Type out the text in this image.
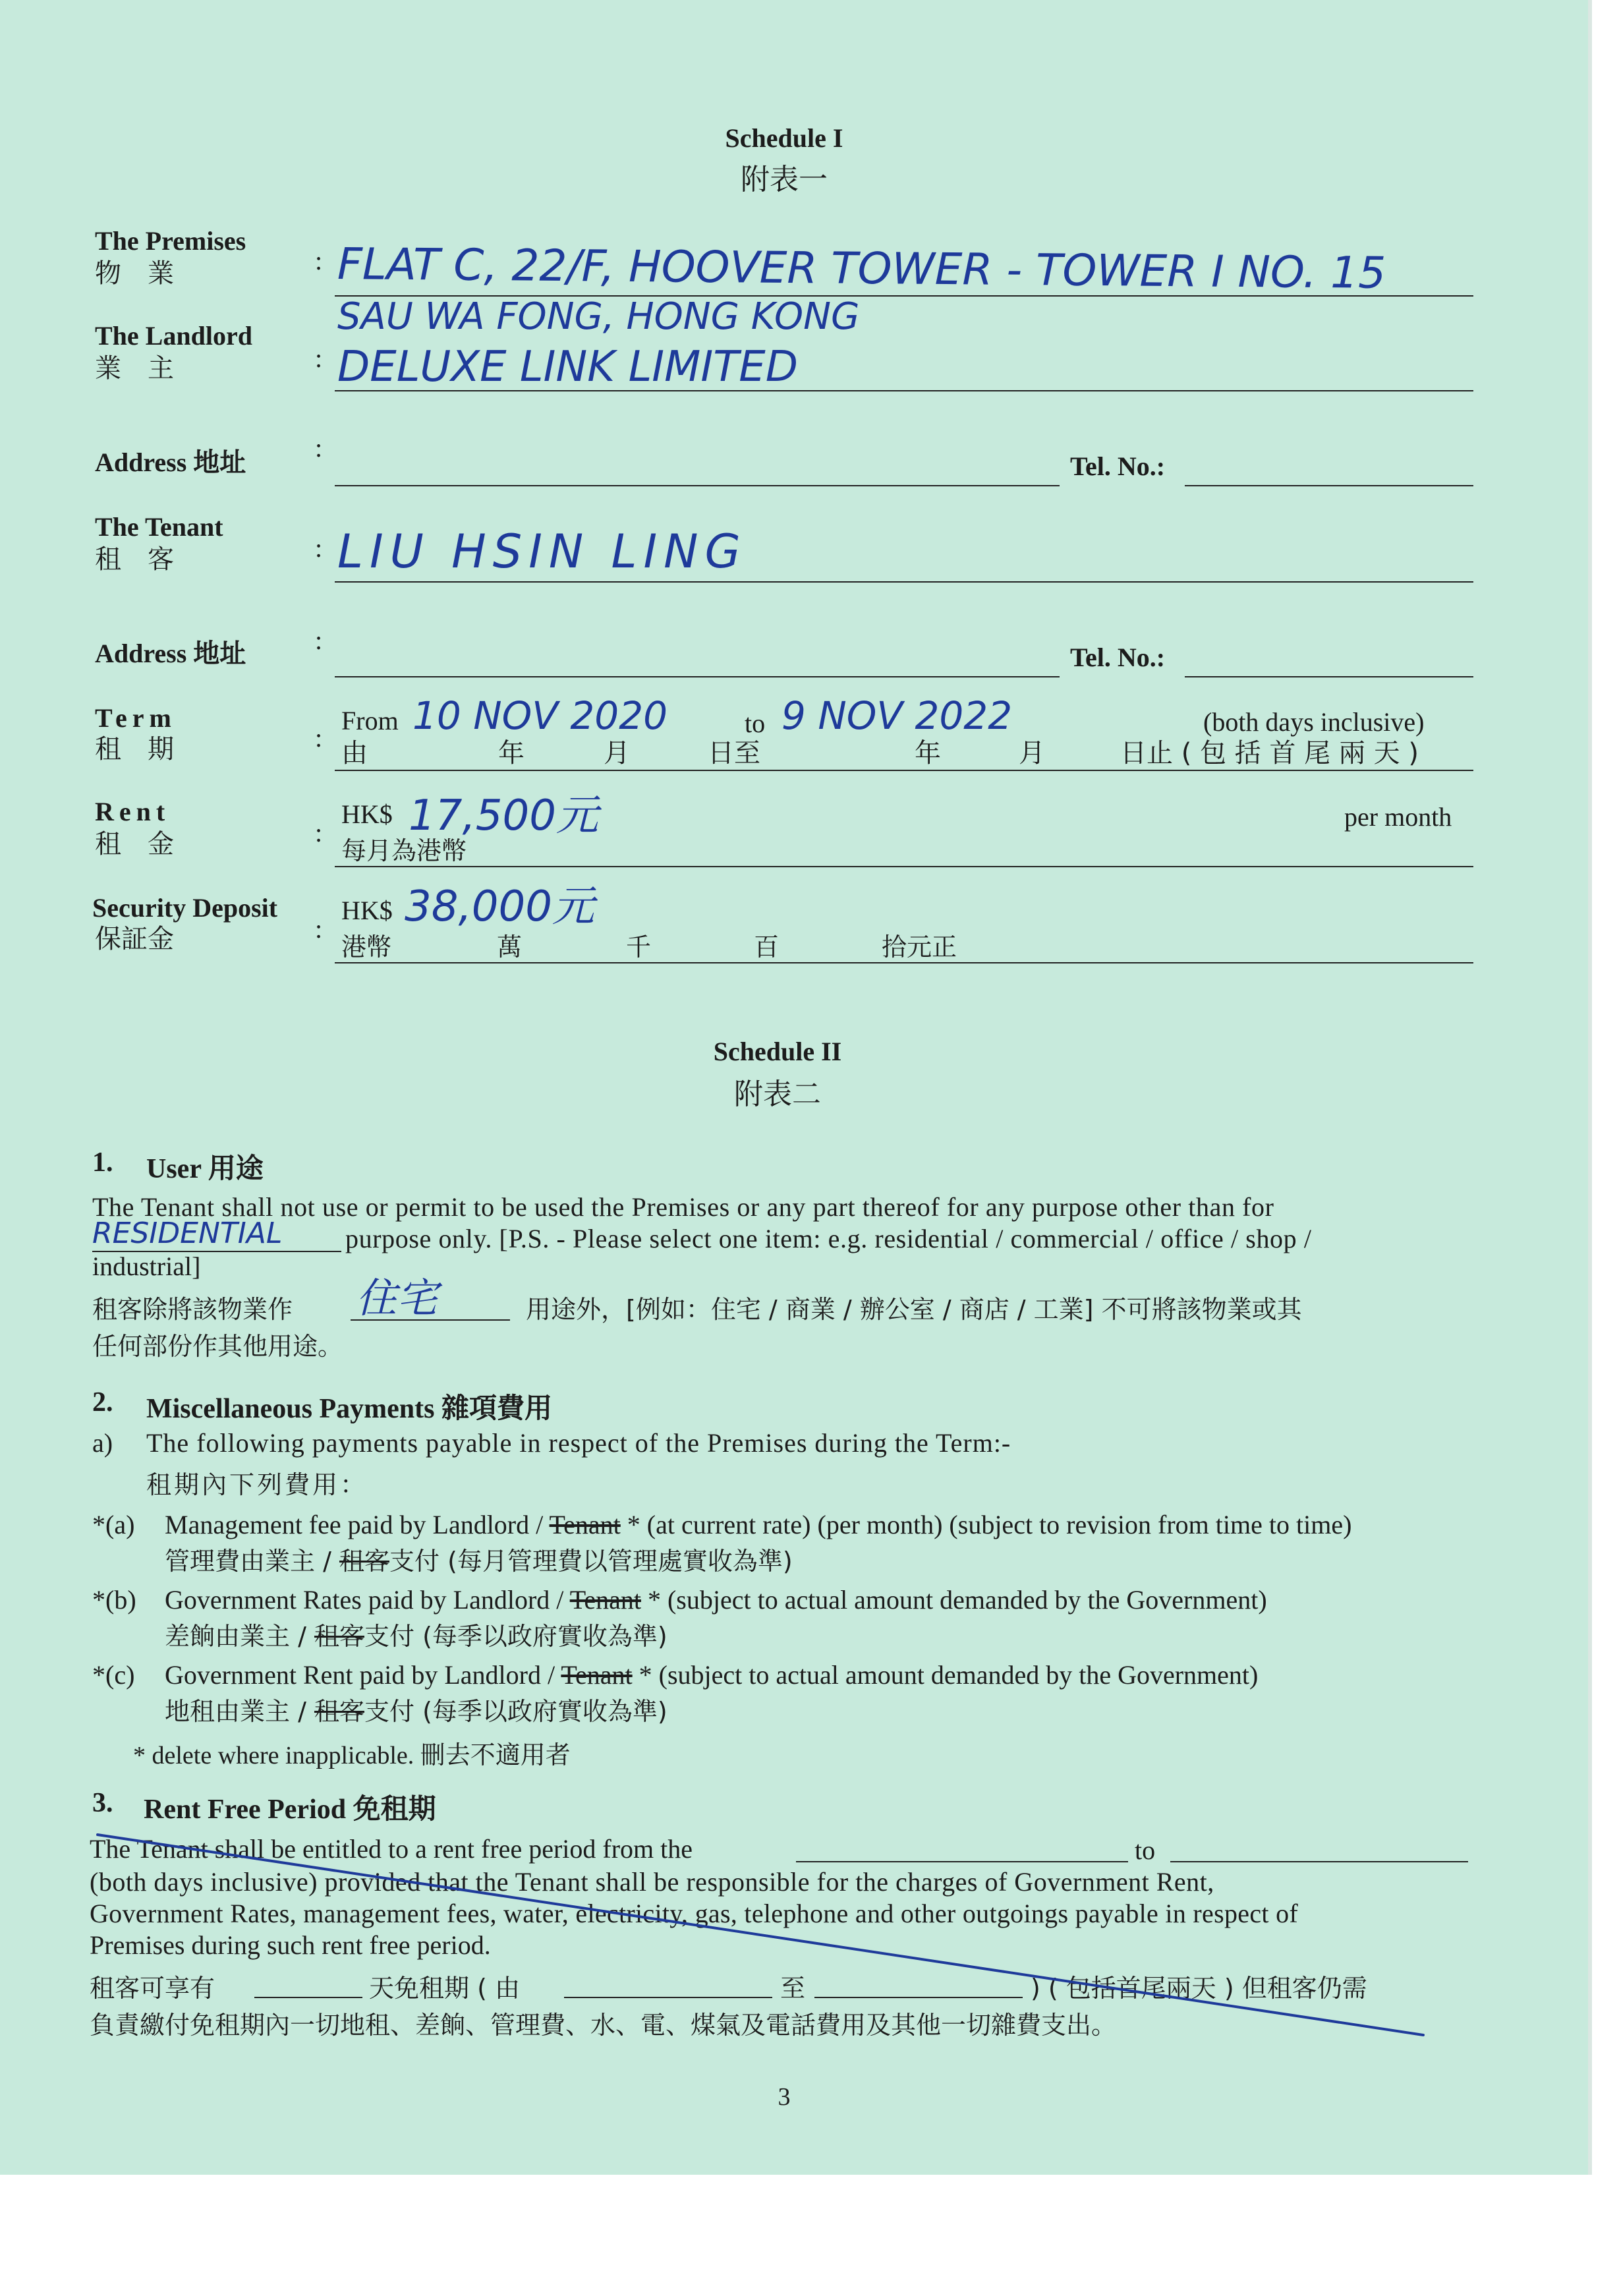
Schedule I
附表一
The Premises
物　業	: FLAT C, 22/F, HOOVER TOWER - TOWER I NO. 15
SAU WA FONG, HONG KONG
The Landlord
業　主	: DELUXE LINK LIMITED
:
Address 地址	Tel. No.:
The Tenant
租　客	: LIU HSIN LING
:
Address 地址	Tel. No.:
Term
租　期	:
From 10 NOV 2020	to 9 NOV 2022	(both days inclusive)
由	年	月	日至	年	月	日止 ( 包 括 首 尾 兩 天 )
Rent
租　金	:
HK$ 17,500元	per month
每月為港幣
Security Deposit
保証金	:
HK$ 38,000元
港幣	萬	千	百	拾元正
Schedule II
附表二
1. User 用途
The Tenant shall not use or permit to be used the Premises or any part thereof for any purpose other than for
RESIDENTIAL purpose only. [P.S. - Please select one item: e.g. residential / commercial / office / shop /
industrial]
租客除將該物業作 住宅	用途外，[例如：住宅 / 商業 / 辦公室 / 商店 / 工業] 不可將該物業或其
任何部份作其他用途。
2. Miscellaneous Payments 雜項費用
a) The following payments payable in respect of the Premises during the Term:-
租期內下列費用：
*(a) Management fee paid by Landlord / Tenant * (at current rate) (per month) (subject to revision from time to time)
管理費由業主 / 租客支付 (每月管理費以管理處實收為準)
*(b) Government Rates paid by Landlord / Tenant * (subject to actual amount demanded by the Government)
差餉由業主 / 租客支付 (每季以政府實收為準)
*(c) Government Rent paid by Landlord / Tenant * (subject to actual amount demanded by the Government)
地租由業主 / 租客支付 (每季以政府實收為準)
* delete where inapplicable. 刪去不適用者
3. Rent Free Period 免租期
The Tenant shall be entitled to a rent free period from the	to
(both days inclusive) provided that the Tenant shall be responsible for the charges of Government Rent,
Government Rates, management fees, water, electricity, gas, telephone and other outgoings payable in respect of
Premises during such rent free period.
租客可享有	天免租期 ( 由	至	) ( 包括首尾兩天 ) 但租客仍需
負責繳付免租期內一切地租、差餉、管理費、水、電、煤氣及電話費用及其他一切雜費支出。
3
